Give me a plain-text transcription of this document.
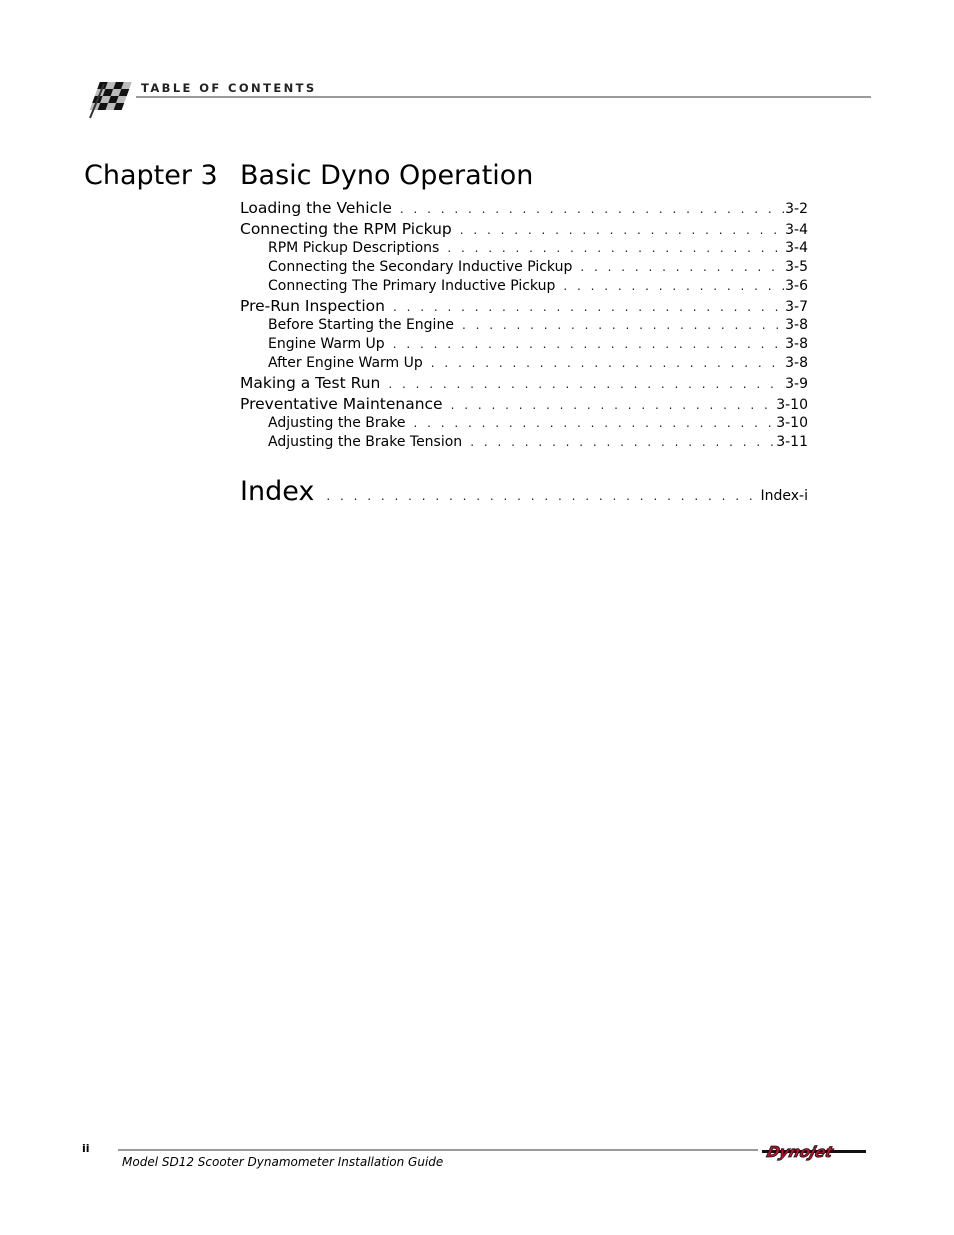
TABLE OF CONTENTS
Chapter 3 Basic Dyno Operation
Loading the Vehicle . . .	3-2
Connecting the RPM Pickup . . .	3-4
RPM Pickup Descriptions . . .	3-4
Connecting the Secondary Inductive Pickup . . .	3-5
Connecting The Primary Inductive Pickup . . .	3-6
Pre-Run Inspection . . .	3-7
Before Starting the Engine . . .	3-8
Engine Warm Up . . .	3-8
After Engine Warm Up . . .	3-8
Making a Test Run . . .	3-9
Preventative Maintenance . . .	3-10
Adjusting the Brake . . .	3-10
Adjusting the Brake Tension . . .	3-11
Index . . .	Index-i
ii
Model SD12 Scooter Dynamometer Installation Guide
Dynojet
